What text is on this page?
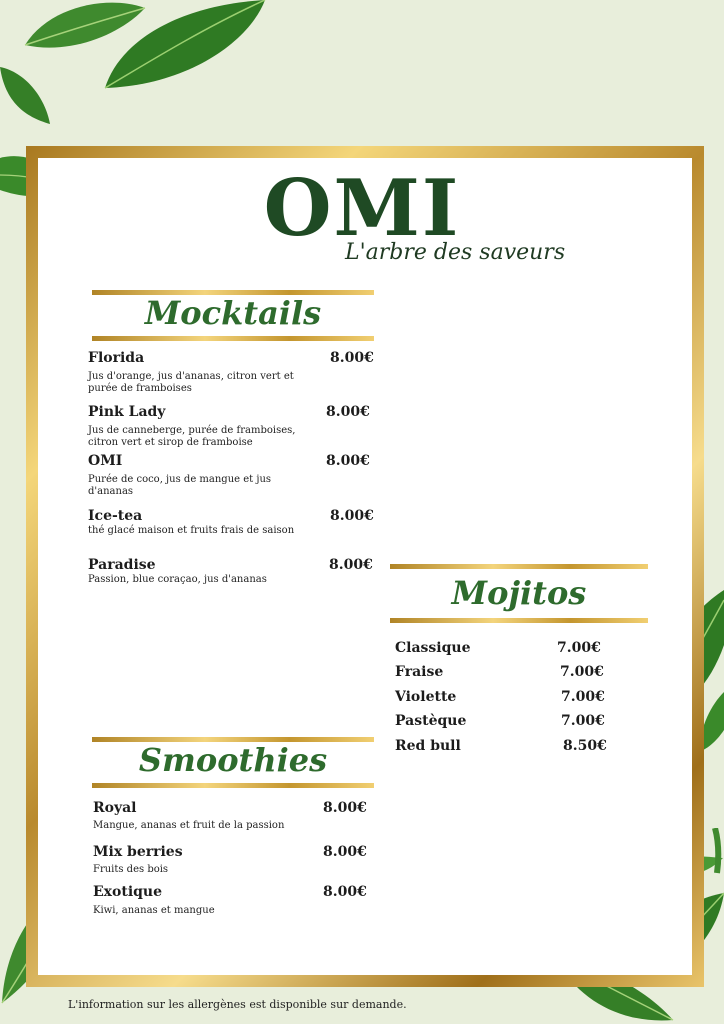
OMI
L'arbre des saveurs
Mocktails
Florida	8.00€
Jus d'orange, jus d'ananas, citron vert et purée de framboises
Pink Lady	8.00€
Jus de canneberge, purée de framboises, citron vert et sirop de framboise
OMI	8.00€
Purée de coco, jus de mangue et jus d'ananas
Ice-tea	8.00€
thé glacé maison et fruits frais de saison
Paradise	8.00€
Passion, blue coraçao, jus d'ananas	Mojitos
Classique	7.00€
Fraise	7.00€
Violette	7.00€
Pastèque	7.00€
Red bull	8.50€
Smoothies
Royal	8.00€
Mangue, ananas et fruit de la passion
Mix berries	8.00€
Fruits des bois
Exotique	8.00€
Kiwi, ananas et mangue
L'information sur les allergènes est disponible sur demande.
